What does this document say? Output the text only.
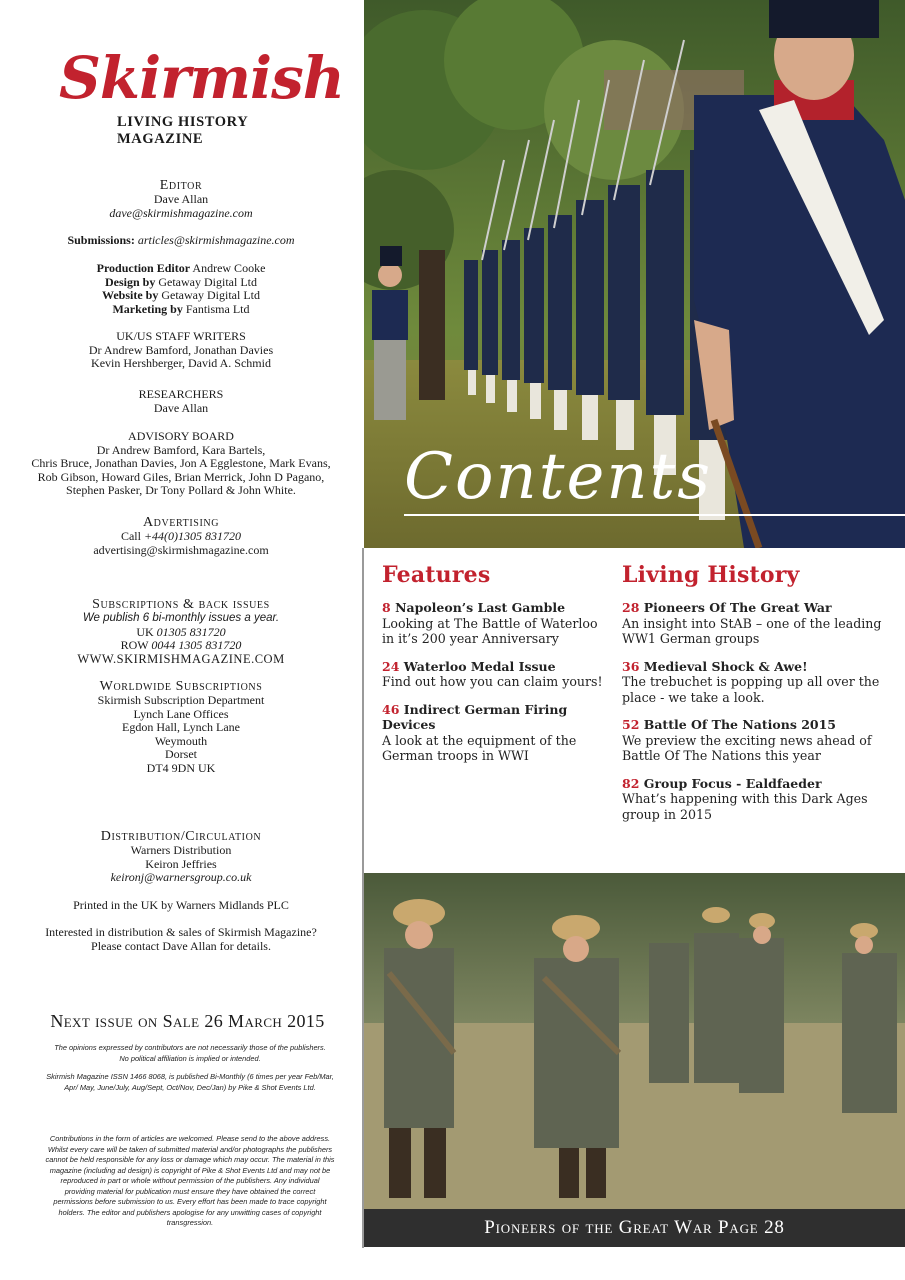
Skirmish
LIVING HISTORY MAGAZINE
Editor
Dave Allan
dave@skirmishmagazine.com
Submissions: articles@skirmishmagazine.com
Production Editor Andrew Cooke
Design by Getaway Digital Ltd
Website by Getaway Digital Ltd
Marketing by Fantisma Ltd
UK/US STAFF WRITERS
Dr Andrew Bamford, Jonathan Davies
Kevin Hershberger, David A. Schmid
RESEARCHERS
Dave Allan
ADVISORY BOARD
Dr Andrew Bamford, Kara Bartels,
Chris Bruce, Jonathan Davies, Jon A Egglestone, Mark Evans,
Rob Gibson, Howard Giles, Brian Merrick, John D Pagano,
Stephen Pasker, Dr Tony Pollard & John White.
Advertising
Call +44(0)1305 831720
advertising@skirmishmagazine.com
Subscriptions & back issues
We publish 6 bi-monthly issues a year.
UK 01305 831720
ROW 0044 1305 831720
WWW.SKIRMISHMAGAZINE.COM
Worldwide Subscriptions
Skirmish Subscription Department
Lynch Lane Offices
Egdon Hall, Lynch Lane
Weymouth
Dorset
DT4 9DN UK
Distribution/Circulation
Warners Distribution
Keiron Jeffries
keironj@warnersgroup.co.uk
Printed in the UK by Warners Midlands PLC
Interested in distribution & sales of Skirmish Magazine?
Please contact Dave Allan for details.
Next issue on Sale 26 March 2015
The opinions expressed by contributors are not necessarily those of the publishers.
No political affiliation is implied or intended.
Skirmish Magazine ISSN 1466 8068, is published Bi-Monthly (6 times per year Feb/Mar, Apr/ May, June/July, Aug/Sept, Oct/Nov, Dec/Jan) by Pike & Shot Events Ltd.
Contributions in the form of articles are welcomed. Please send to the above address. Whilst every care will be taken of submitted material and/or photographs the publishers cannot be held responsible for any loss or damage which may occur. The material in this magazine (including ad design) is copyright of Pike & Shot Events Ltd and may not be reproduced in part or whole without permission of the publishers. Any individual providing material for publication must ensure they have obtained the correct permissions before submission to us. Every effort has been made to trace copyright holders. The editor and publishers apologise for any unwitting cases of copyright transgression.
Contents
Features
8 Napoleon’s Last Gamble
Looking at The Battle of Waterloo in it’s 200 year Anniversary
24 Waterloo Medal Issue
Find out how you can claim yours!
46 Indirect German Firing Devices
A look at the equipment of the German troops in WWI
Living History
28 Pioneers Of The Great War
An insight into StAB – one of the leading WW1 German groups
36 Medieval Shock & Awe!
The trebuchet is popping up all over the place - we take a look.
52 Battle Of The Nations 2015
We preview the exciting news ahead of Battle Of The Nations this year
82 Group Focus - Ealdfaeder
What’s happening with this Dark Ages group in 2015
Pioneers of the Great War Page 28
